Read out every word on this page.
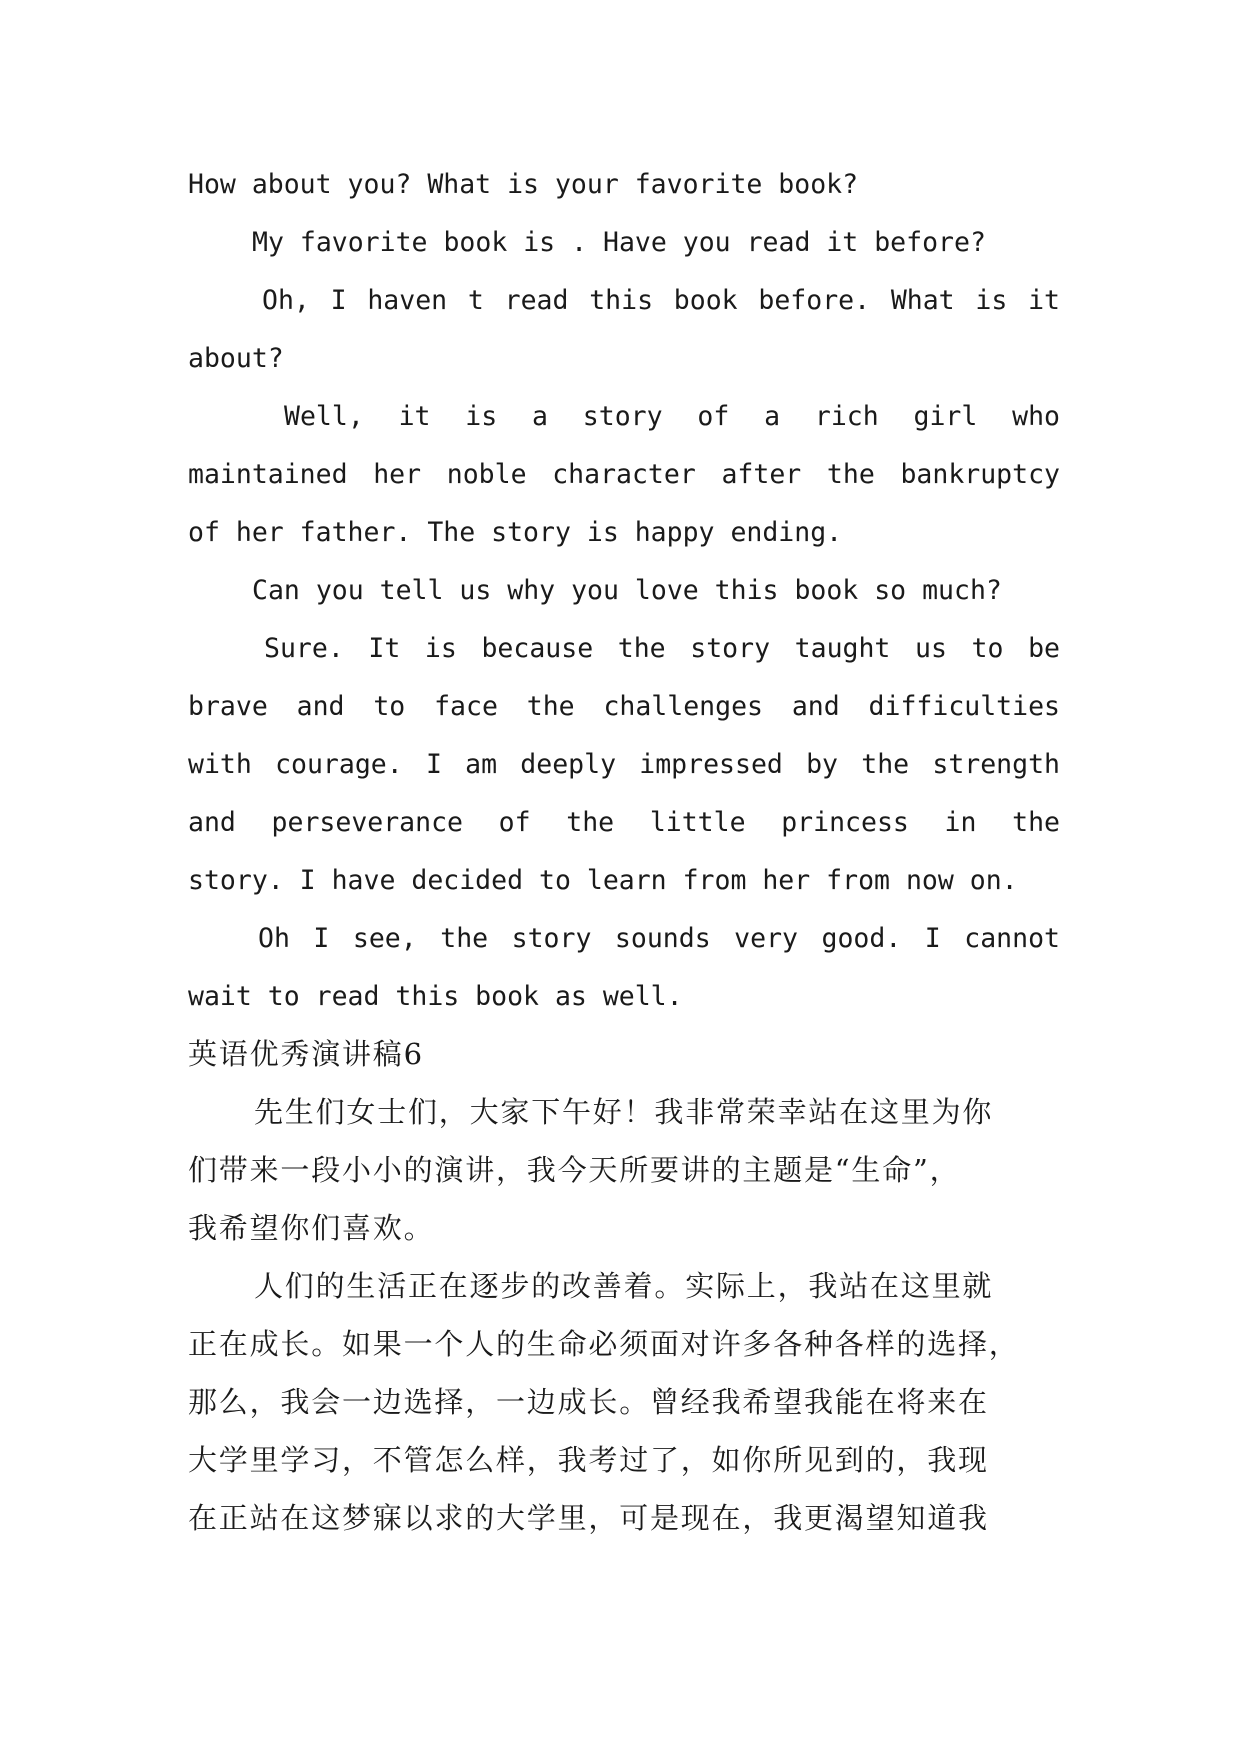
How about you? What is your favorite book?

My favorite book is . Have you read it before?

Oh, I haven t read this book before. What is it

about?

Well, it is a story of a rich girl who

maintained her noble character after the bankruptcy

of her father. The story is happy ending.

Can you tell us why you love this book so much?

Sure. It is because the story taught us to be

brave and to face the challenges and difficulties

with courage. I am deeply impressed by the strength

and perseverance of the little princess in the

story. I have decided to learn from her from now on.

Oh I see, the story sounds very good. I cannot

wait to read this book as well.

英语优秀演讲稿6

先生们女士们，大家下午好！我非常荣幸站在这里为你

们带来一段小小的演讲，我今天所要讲的主题是“生命”，

我希望你们喜欢。

人们的生活正在逐步的改善着。实际上，我站在这里就

正在成长。如果一个人的生命必须面对许多各种各样的选择，

那么，我会一边选择，一边成长。曾经我希望我能在将来在

大学里学习，不管怎么样，我考过了，如你所见到的，我现

在正站在这梦寐以求的大学里，可是现在，我更渴望知道我
